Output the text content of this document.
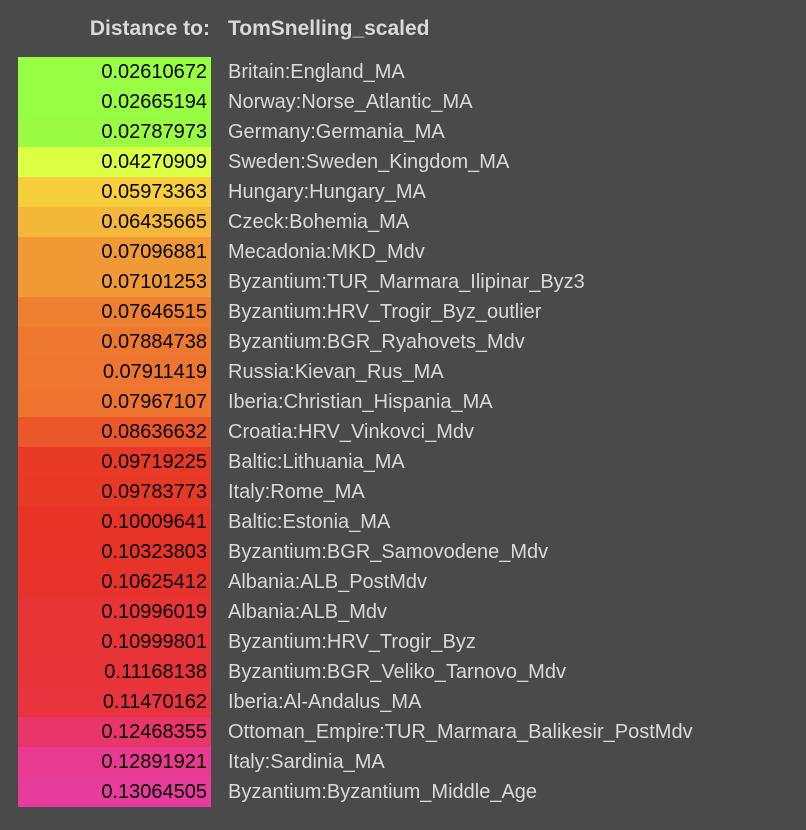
Distance to: TomSnelling_scaled
0.02610672 Britain:England_MA
0.02665194 Norway:Norse_Atlantic_MA
0.02787973 Germany:Germania_MA
0.04270909 Sweden:Sweden_Kingdom_MA
0.05973363 Hungary:Hungary_MA
0.06435665 Czeck:Bohemia_MA
0.07096881 Mecadonia:MKD_Mdv
0.07101253 Byzantium:TUR_Marmara_Ilipinar_Byz3
0.07646515 Byzantium:HRV_Trogir_Byz_outlier
0.07884738 Byzantium:BGR_Ryahovets_Mdv
0.07911419 Russia:Kievan_Rus_MA
0.07967107 Iberia:Christian_Hispania_MA
0.08636632 Croatia:HRV_Vinkovci_Mdv
0.09719225 Baltic:Lithuania_MA
0.09783773 Italy:Rome_MA
0.10009641 Baltic:Estonia_MA
0.10323803 Byzantium:BGR_Samovodene_Mdv
0.10625412 Albania:ALB_PostMdv
0.10996019 Albania:ALB_Mdv
0.10999801 Byzantium:HRV_Trogir_Byz
0.11168138 Byzantium:BGR_Veliko_Tarnovo_Mdv
0.11470162 Iberia:Al-Andalus_MA
0.12468355 Ottoman_Empire:TUR_Marmara_Balikesir_PostMdv
0.12891921 Italy:Sardinia_MA
0.13064505 Byzantium:Byzantium_Middle_Age
